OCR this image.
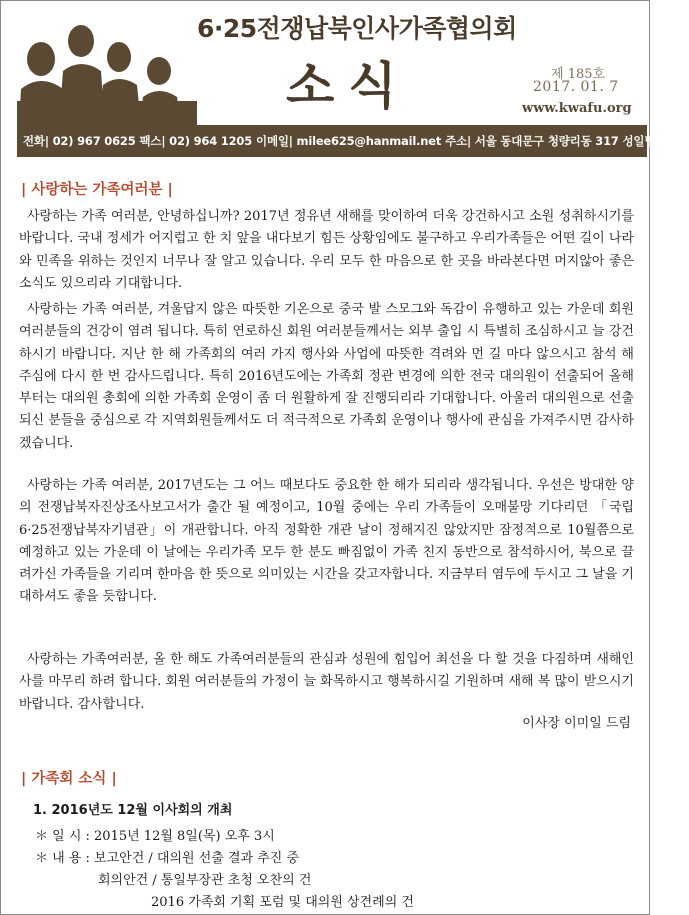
6·25전쟁납북인사가족협의회
소식	제 185호
2017. 01. 7
www.kwafu.org
전화| 02) 967 0625 팩스| 02) 964 1205 이메일| milee625@hanmail.net 주소| 서울 동대문구 청량리동 317 성일빌딩 2층
| 사랑하는 가족여러분 |

사랑하는 가족 여러분, 안녕하십니까? 2017년 정유년 새해를 맞이하여 더욱 강건하시고 소원 성취하시기를 바랍니다. 국내 정세가 어지럽고 한 치 앞을 내다보기 힘든 상황임에도 불구하고 우리가족들은 어떤 길이 나라와 민족을 위하는 것인지 너무나 잘 알고 있습니다. 우리 모두 한 마음으로 한 곳을 바라본다면 머지않아 좋은 소식도 있으리라 기대합니다.

사랑하는 가족 여러분, 겨울답지 않은 따뜻한 기온으로 중국 발 스모그와 독감이 유행하고 있는 가운데 회원 여러분들의 건강이 염려 됩니다. 특히 연로하신 회원 여러분들께서는 외부 출입 시 특별히 조심하시고 늘 강건하시기 바랍니다. 지난 한 해 가족회의 여러 가지 행사와 사업에 따뜻한 격려와 먼 길 마다 않으시고 참석 해 주심에 다시 한 번 감사드립니다. 특히 2016년도에는 가족회 정관 변경에 의한 전국 대의원이 선출되어 올해부터는 대의원 총회에 의한 가족회 운영이 좀 더 원활하게 잘 진행되리라 기대합니다. 아울러 대의원으로 선출 되신 분들을 중심으로 각 지역회원들께서도 더 적극적으로 가족회 운영이나 행사에 관심을 가져주시면 감사하겠습니다.

사랑하는 가족 여러분, 2017년도는 그 어느 때보다도 중요한 한 해가 되리라 생각됩니다. 우선은 방대한 양의 전쟁납북자진상조사보고서가 출간 될 예정이고, 10월 중에는 우리 가족들이 오매불망 기다리던 「국립 6·25전쟁납북자기념관」이 개관합니다. 아직 정확한 개관 날이 정해지진 않았지만 잠정적으로 10월쯤으로 예정하고 있는 가운데 이 날에는 우리가족 모두 한 분도 빠짐없이 가족 친지 동반으로 참석하시어, 북으로 끌려가신 가족들을 기리며 한마음 한 뜻으로 의미있는 시간을 갖고자합니다. 지금부터 염두에 두시고 그 날을 기대하셔도 좋을 듯합니다.

사랑하는 가족여러분, 올 한 해도 가족여러분들의 관심과 성원에 힘입어 최선을 다 할 것을 다짐하며 새해인사를 마무리 하려 합니다. 회원 여러분들의 가정이 늘 화목하시고 행복하시길 기원하며 새해 복 많이 받으시기 바랍니다. 감사합니다.

이사장 이미일 드림
| 가족회 소식 |
1. 2016년도 12월 이사회의 개최
＊ 일 시 : 2015년 12월 8일(목) 오후 3시
＊ 내 용 : 보고안건 / 대의원 선출 결과 추진 중
회의안건 / 통일부장관 초청 오찬의 건
2016 가족회 기획 포럼 및 대의원 상견례의 건
